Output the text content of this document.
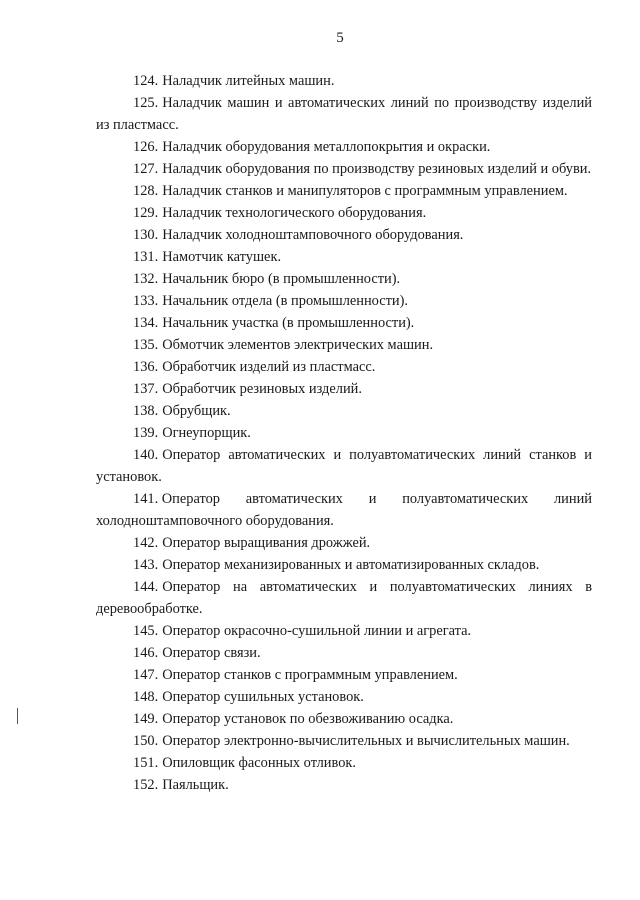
5

124. Наладчик литейных машин.

125. Наладчик машин и автоматических линий по производству изделий из пластмасс.

126. Наладчик оборудования металлопокрытия и окраски.

127. Наладчик оборудования по производству резиновых изделий и обуви.

128. Наладчик станков и манипуляторов с программным управлением.

129. Наладчик технологического оборудования.

130. Наладчик холодноштамповочного оборудования.

131. Намотчик катушек.

132. Начальник бюро (в промышленности).

133. Начальник отдела (в промышленности).

134. Начальник участка (в промышленности).

135. Обмотчик элементов электрических машин.

136. Обработчик изделий из пластмасс.

137. Обработчик резиновых изделий.

138. Обрубщик.

139. Огнеупорщик.

140. Оператор автоматических и полуавтоматических линий станков и установок.

141. Оператор автоматических и полуавтоматических линий
холодноштамповочного оборудования.

142. Оператор выращивания дрожжей.

143. Оператор механизированных и автоматизированных складов.

144. Оператор на автоматических и полуавтоматических линиях в деревообработке.

145. Оператор окрасочно-сушильной линии и агрегата.

146. Оператор связи.

147. Оператор станков с программным управлением.

148. Оператор сушильных установок.

149. Оператор установок по обезвоживанию осадка.

150. Оператор электронно-вычислительных и вычислительных машин.

151. Опиловщик фасонных отливок.

152. Паяльщик.
